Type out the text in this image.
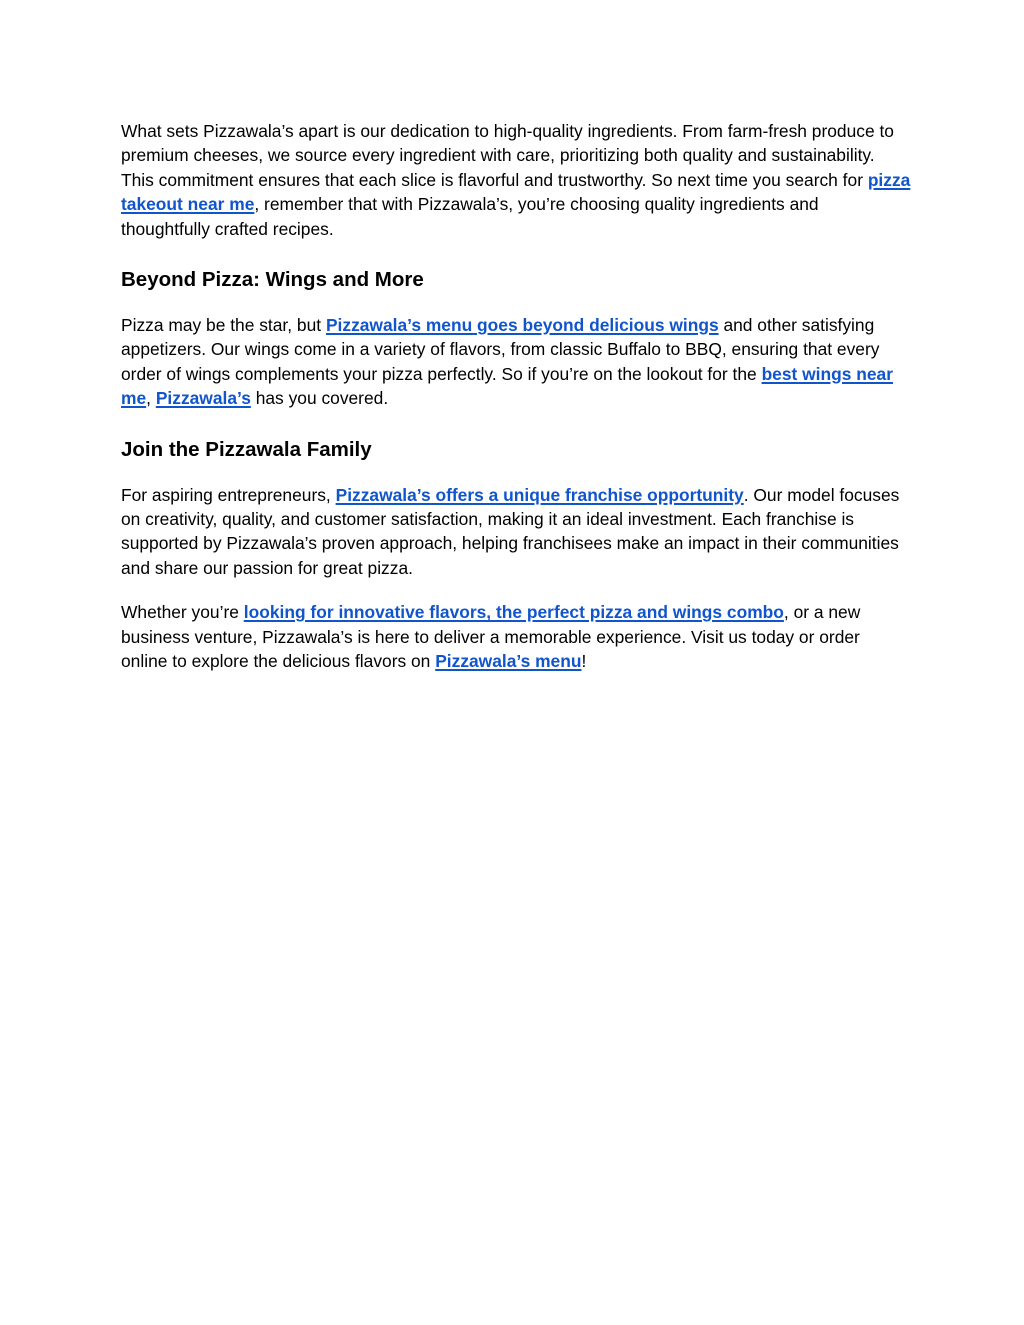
What sets Pizzawala’s apart is our dedication to high-quality ingredients. From farm-fresh produce to premium cheeses, we source every ingredient with care, prioritizing both quality and sustainability. This commitment ensures that each slice is flavorful and trustworthy. So next time you search for pizza takeout near me, remember that with Pizzawala’s, you’re choosing quality ingredients and thoughtfully crafted recipes.

Beyond Pizza: Wings and More

Pizza may be the star, but Pizzawala’s menu goes beyond delicious wings and other satisfying appetizers. Our wings come in a variety of flavors, from classic Buffalo to BBQ, ensuring that every order of wings complements your pizza perfectly. So if you’re on the lookout for the best wings near me, Pizzawala’s has you covered.

Join the Pizzawala Family

For aspiring entrepreneurs, Pizzawala’s offers a unique franchise opportunity. Our model focuses on creativity, quality, and customer satisfaction, making it an ideal investment. Each franchise is supported by Pizzawala’s proven approach, helping franchisees make an impact in their communities and share our passion for great pizza.

Whether you’re looking for innovative flavors, the perfect pizza and wings combo, or a new business venture, Pizzawala’s is here to deliver a memorable experience. Visit us today or order online to explore the delicious flavors on Pizzawala’s menu!
